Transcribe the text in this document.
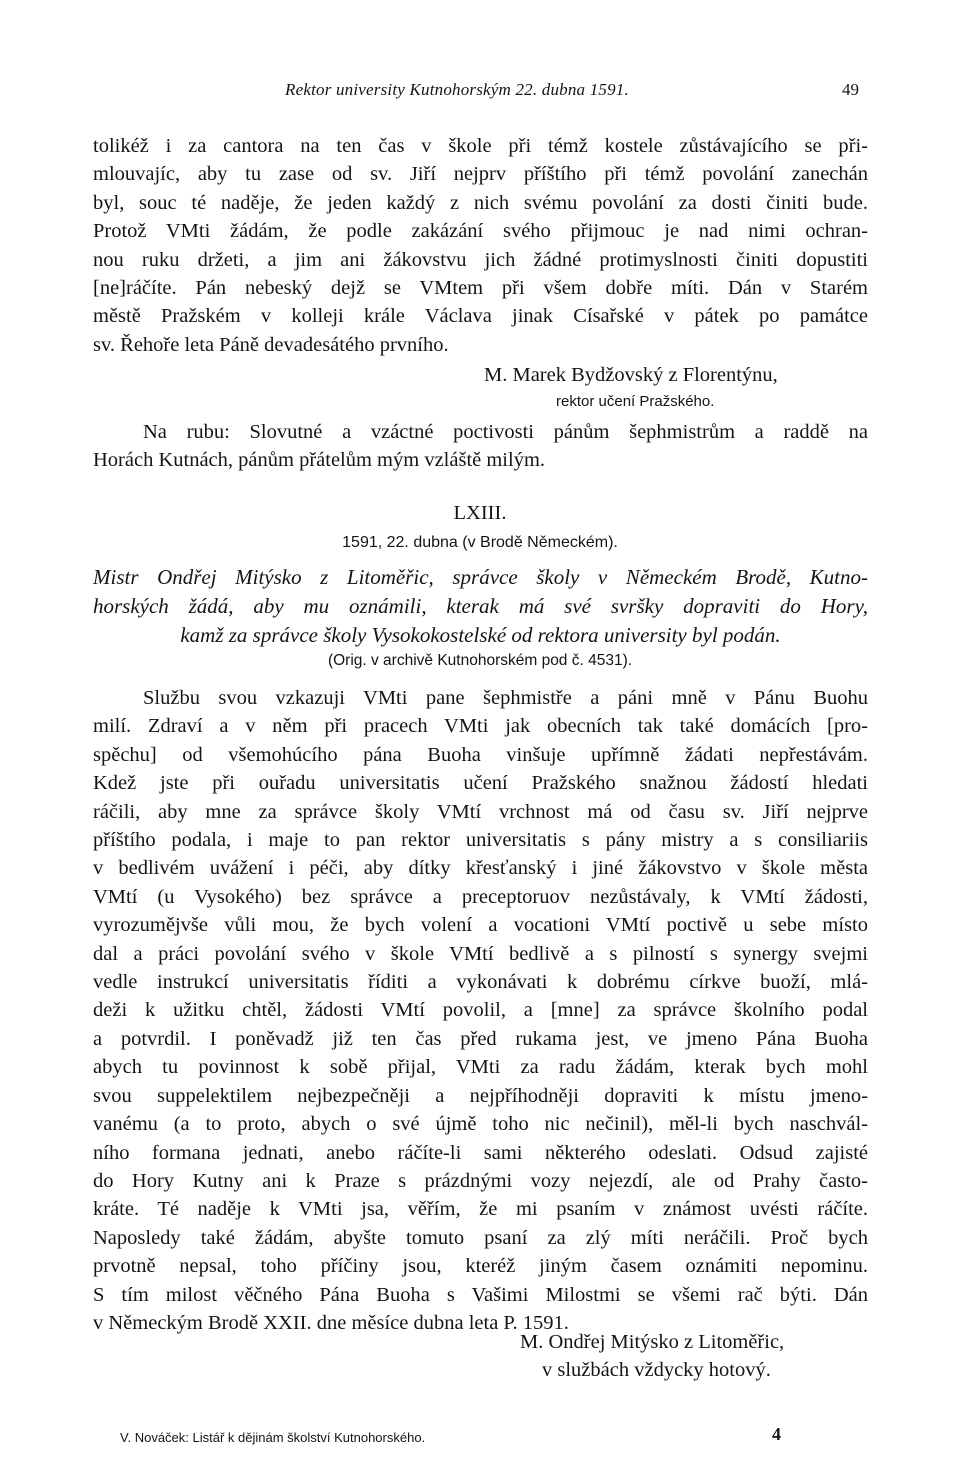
Rektor university Kutnohorským 22. dubna 1591.	49
tolikéž i za cantora na ten čas v škole při témž kostele zůstávajícího se při-
mlouvajíc, aby tu zase od sv. Jiří nejprv příštího při témž povolání zanechán
byl, souc té naděje, že jeden každý z nich svému povolání za dosti činiti bude.
Protož VMti žádám, že podle zakázání svého přijmouc je nad nimi ochran-
nou ruku držeti, a jim ani žákovstvu jich žádné protimyslnosti činiti dopustiti
[ne]ráčíte. Pán nebeský dejž se VMtem při všem dobře míti. Dán v Starém
městě Pražském v kolleji krále Václava jinak Císařské v pátek po památce
sv. Řehoře leta Páně devadesátého prvního.
M. Marek Bydžovský z Florentýnu,
rektor učení Pražského.
Na rubu: Slovutné a vzáctné poctivosti pánům šephmistrům a raddě na
Horách Kutnách, pánům přátelům mým vzláště milým.
LXIII.
1591, 22. dubna (v Brodě Německém).
Mistr Ondřej Mitýsko z Litoměřic, správce školy v Německém Brodě, Kutno-
horských žádá, aby mu oznámili, kterak má své svršky dopraviti do Hory,
kamž za správce školy Vysokokostelské od rektora university byl podán.
(Orig. v archivě Kutnohorském pod č. 4531).
Službu svou vzkazuji VMti pane šephmistře a páni mně v Pánu Buohu
milí. Zdraví a v něm při pracech VMti jak obecních tak také domácích [pro-
spěchu] od všemohúcího pána Buoha vinšuje upřímně žádati nepřestávám.
Kdež jste při ouřadu universitatis učení Pražského snažnou žádostí hledati
ráčili, aby mne za správce školy VMtí vrchnost má od času sv. Jiří nejprve
příštího podala, i maje to pan rektor universitatis s pány mistry a s consiliariis
v bedlivém uvážení i péči, aby dítky křesťanský i jiné žákovstvo v škole města
VMtí (u Vysokého) bez správce a preceptoruov nezůstávaly, k VMtí žádosti,
vyrozumějvše vůli mou, že bych volení a vocationi VMtí poctivě u sebe místo
dal a práci povolání svého v škole VMtí bedlivě a s pilností s synergy svejmi
vedle instrukcí universitatis říditi a vykonávati k dobrému církve buoží, mlá-
deži k užitku chtěl, žádosti VMtí povolil, a [mne] za správce školního podal
a potvrdil. I poněvadž již ten čas před rukama jest, ve jmeno Pána Buoha
abych tu povinnost k sobě přijal, VMti za radu žádám, kterak bych mohl
svou suppelektilem nejbezpečněji a nejpříhodněji dopraviti k místu jmeno-
vanému (a to proto, abych o své újmě toho nic nečinil), měl-li bych naschvál-
ního formana jednati, anebo ráčíte-li sami některého odeslati. Odsud zajisté
do Hory Kutny ani k Praze s prázdnými vozy nejezdí, ale od Prahy často-
kráte. Té naděje k VMti jsa, věřím, že mi psaním v známost uvésti ráčíte.
Naposledy také žádám, abyšte tomuto psaní za zlý míti neráčili. Proč bych
prvotně nepsal, toho příčiny jsou, kteréž jiným časem oznámiti nepominu.
S tím milost věčného Pána Buoha s Vašimi Milostmi se všemi rač býti. Dán
v Německým Brodě XXII. dne měsíce dubna leta P. 1591.
M. Ondřej Mitýsko z Litoměřic,
v službách vždycky hotový.
V. Nováček: Listář k dějinám školství Kutnohorského.	4
